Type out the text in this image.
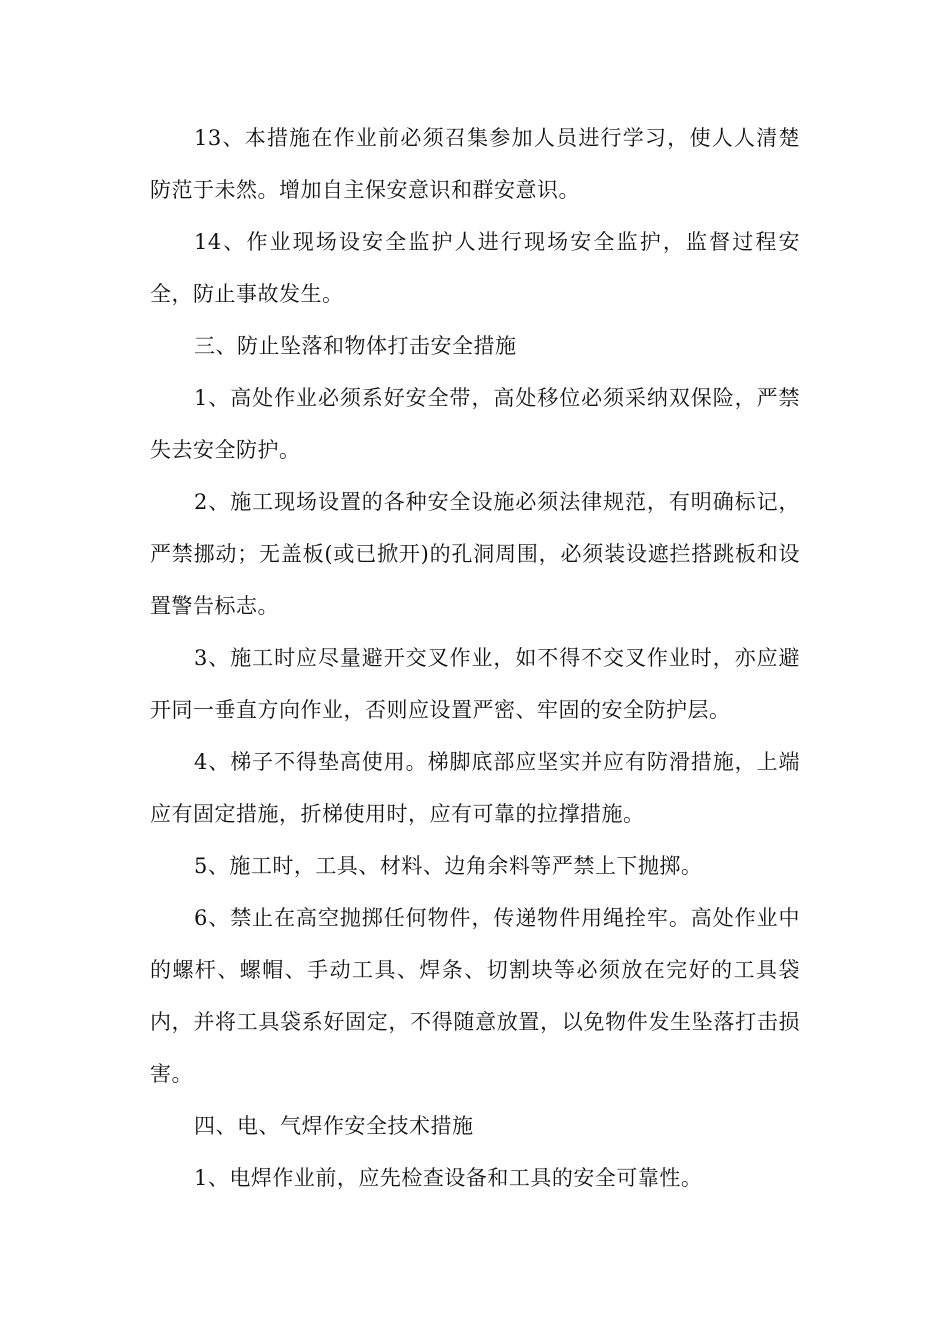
13、本措施在作业前必须召集参加人员进行学习，使人人清楚防范于未然。增加自主保安意识和群安意识。

14、作业现场设安全监护人进行现场安全监护，监督过程安全，防止事故发生。

三、防止坠落和物体打击安全措施

1、高处作业必须系好安全带，高处移位必须采纳双保险，严禁失去安全防护。

2、施工现场设置的各种安全设施必须法律规范，有明确标记，严禁挪动；无盖板(或已掀开)的孔洞周围，必须装设遮拦搭跳板和设置警告标志。

3、施工时应尽量避开交叉作业，如不得不交叉作业时，亦应避开同一垂直方向作业，否则应设置严密、牢固的安全防护层。

4、梯子不得垫高使用。梯脚底部应坚实并应有防滑措施，上端应有固定措施，折梯使用时，应有可靠的拉撑措施。

5、施工时，工具、材料、边角余料等严禁上下抛掷。

6、禁止在高空抛掷任何物件，传递物件用绳拴牢。高处作业中的螺杆、螺帽、手动工具、焊条、切割块等必须放在完好的工具袋内，并将工具袋系好固定，不得随意放置，以免物件发生坠落打击损害。

四、电、气焊作安全技术措施

1、电焊作业前，应先检查设备和工具的安全可靠性。
